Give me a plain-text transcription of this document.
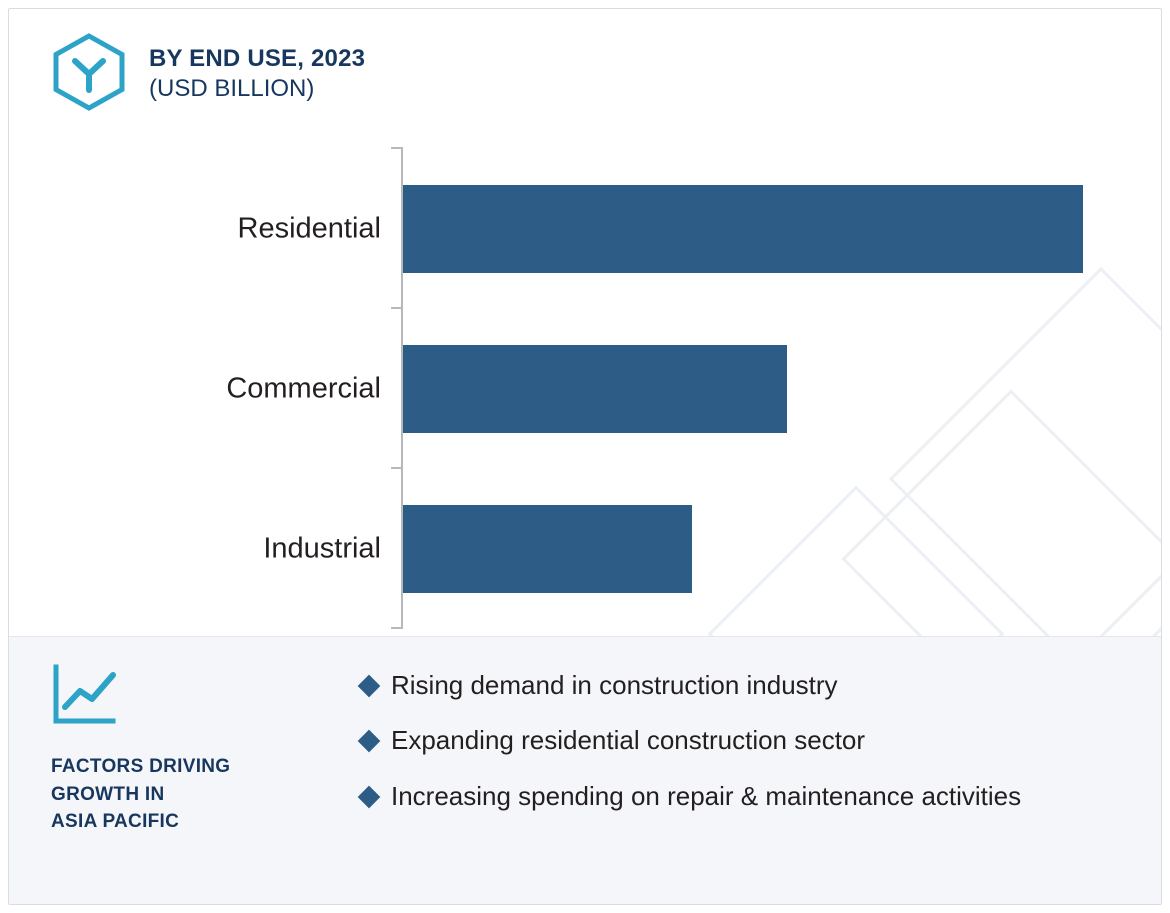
BY END USE, 2023
(USD BILLION)
Residential
Commercial
Industrial
FACTORS DRIVING
GROWTH IN
ASIA PACIFIC
Rising demand in construction industry
Expanding residential construction sector
Increasing spending on repair & maintenance activities
